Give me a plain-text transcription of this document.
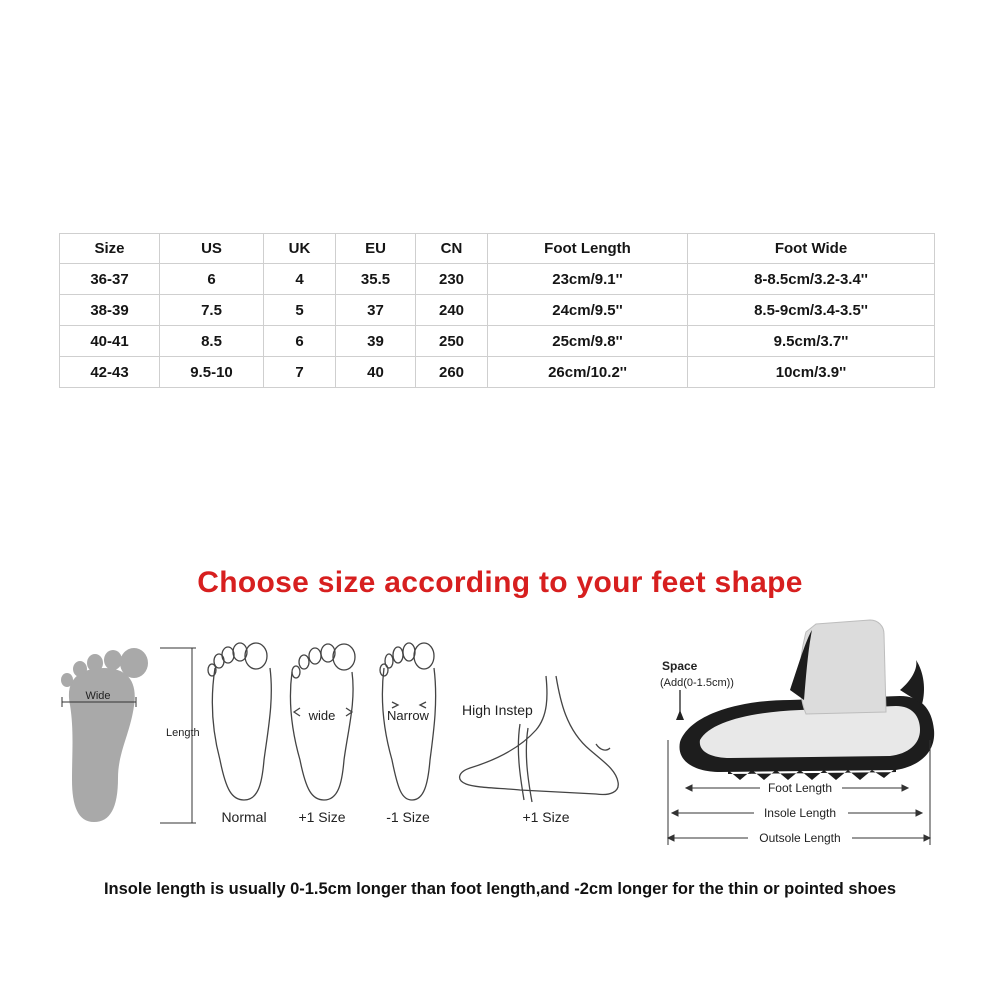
Size	US	UK	EU	CN	Foot Length	Foot Wide
36-37	6	4	35.5	230	23cm/9.1''	8-8.5cm/3.2-3.4''
38-39	7.5	5	37	240	24cm/9.5''	8.5-9cm/3.4-3.5''
40-41	8.5	6	39	250	25cm/9.8''	9.5cm/3.7''
42-43	9.5-10	7	40	260	26cm/10.2''	10cm/3.9''
Choose size according to your feet shape
Wide
Length
Normal
wide
+1 Size
Narrow
-1 Size
High Instep
+1 Size
Space
(Add(0-1.5cm))
Foot Length
Insole Length
Outsole Length
Insole length is usually 0-1.5cm longer than foot length,and -2cm longer for the thin or pointed shoes
